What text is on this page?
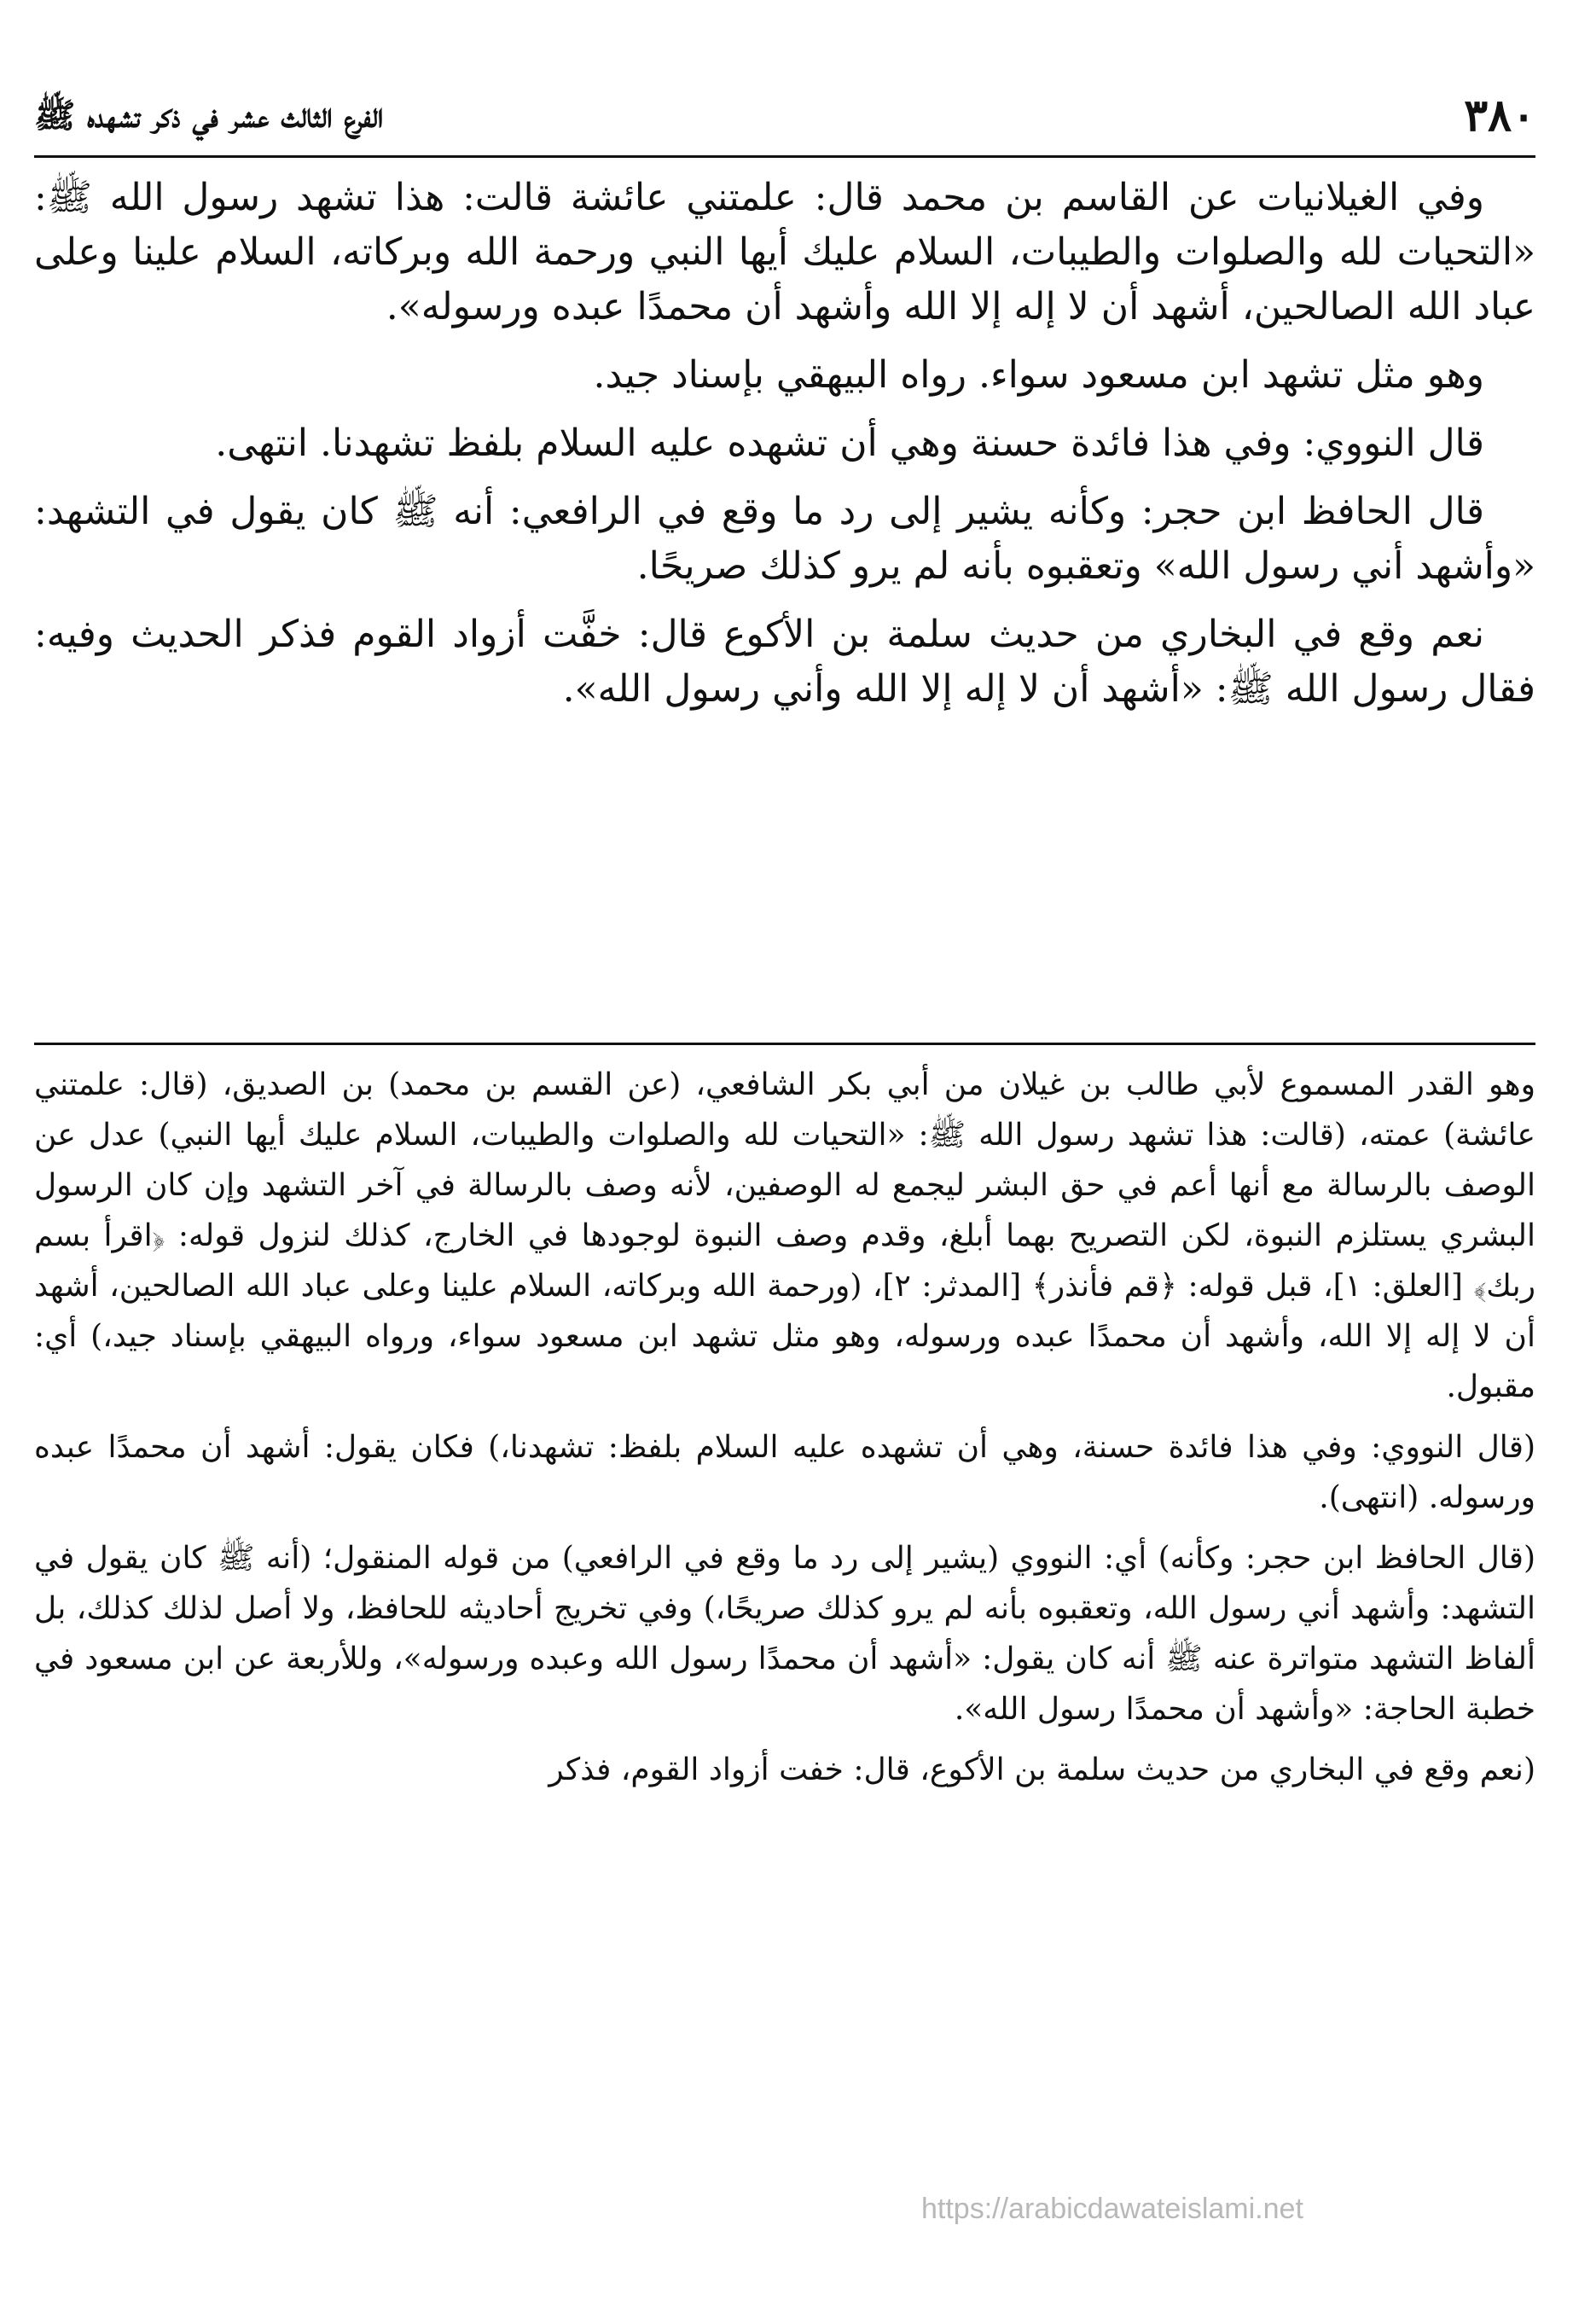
٣٨٠
الفرع الثالث عشر في ذكر تشهده ﷺ

وفي الغيلانيات عن القاسم بن محمد قال: علمتني عائشة قالت: هذا تشهد رسول الله ﷺ: «التحيات لله والصلوات والطيبات، السلام عليك أيها النبي ورحمة الله وبركاته، السلام علينا وعلى عباد الله الصالحين، أشهد أن لا إله إلا الله وأشهد أن محمدًا عبده ورسوله».

وهو مثل تشهد ابن مسعود سواء. رواه البيهقي بإسناد جيد.

قال النووي: وفي هذا فائدة حسنة وهي أن تشهده عليه السلام بلفظ تشهدنا. انتهى.

قال الحافظ ابن حجر: وكأنه يشير إلى رد ما وقع في الرافعي: أنه ﷺ كان يقول في التشهد: «وأشهد أني رسول الله» وتعقبوه بأنه لم يرو كذلك صريحًا.

نعم وقع في البخاري من حديث سلمة بن الأكوع قال: خفَّت أزواد القوم فذكر الحديث وفيه: فقال رسول الله ﷺ: «أشهد أن لا إله إلا الله وأني رسول الله».

وهو القدر المسموع لأبي طالب بن غيلان من أبي بكر الشافعي، (عن القسم بن محمد) بن الصديق، (قال: علمتني عائشة) عمته، (قالت: هذا تشهد رسول الله ﷺ: «التحيات لله والصلوات والطيبات، السلام عليك أيها النبي) عدل عن الوصف بالرسالة مع أنها أعم في حق البشر ليجمع له الوصفين، لأنه وصف بالرسالة في آخر التشهد وإن كان الرسول البشري يستلزم النبوة، لكن التصريح بهما أبلغ، وقدم وصف النبوة لوجودها في الخارج، كذلك لنزول قوله: ﴿اقرأ بسم ربك﴾ [العلق: ١]، قبل قوله: ﴿قم فأنذر﴾ [المدثر: ٢]، (ورحمة الله وبركاته، السلام علينا وعلى عباد الله الصالحين، أشهد أن لا إله إلا الله، وأشهد أن محمدًا عبده ورسوله، وهو مثل تشهد ابن مسعود سواء، ورواه البيهقي بإسناد جيد،) أي: مقبول.

(قال النووي: وفي هذا فائدة حسنة، وهي أن تشهده عليه السلام بلفظ: تشهدنا،) فكان يقول: أشهد أن محمدًا عبده ورسوله. (انتهى).

(قال الحافظ ابن حجر: وكأنه) أي: النووي (يشير إلى رد ما وقع في الرافعي) من قوله المنقول؛ (أنه ﷺ كان يقول في التشهد: وأشهد أني رسول الله، وتعقبوه بأنه لم يرو كذلك صريحًا،) وفي تخريج أحاديثه للحافظ، ولا أصل لذلك كذلك، بل ألفاظ التشهد متواترة عنه ﷺ أنه كان يقول: «أشهد أن محمدًا رسول الله وعبده ورسوله»، وللأربعة عن ابن مسعود في خطبة الحاجة: «وأشهد أن محمدًا رسول الله».

(نعم وقع في البخاري من حديث سلمة بن الأكوع، قال: خفت أزواد القوم، فذكر

https://arabicdawateislami.net
